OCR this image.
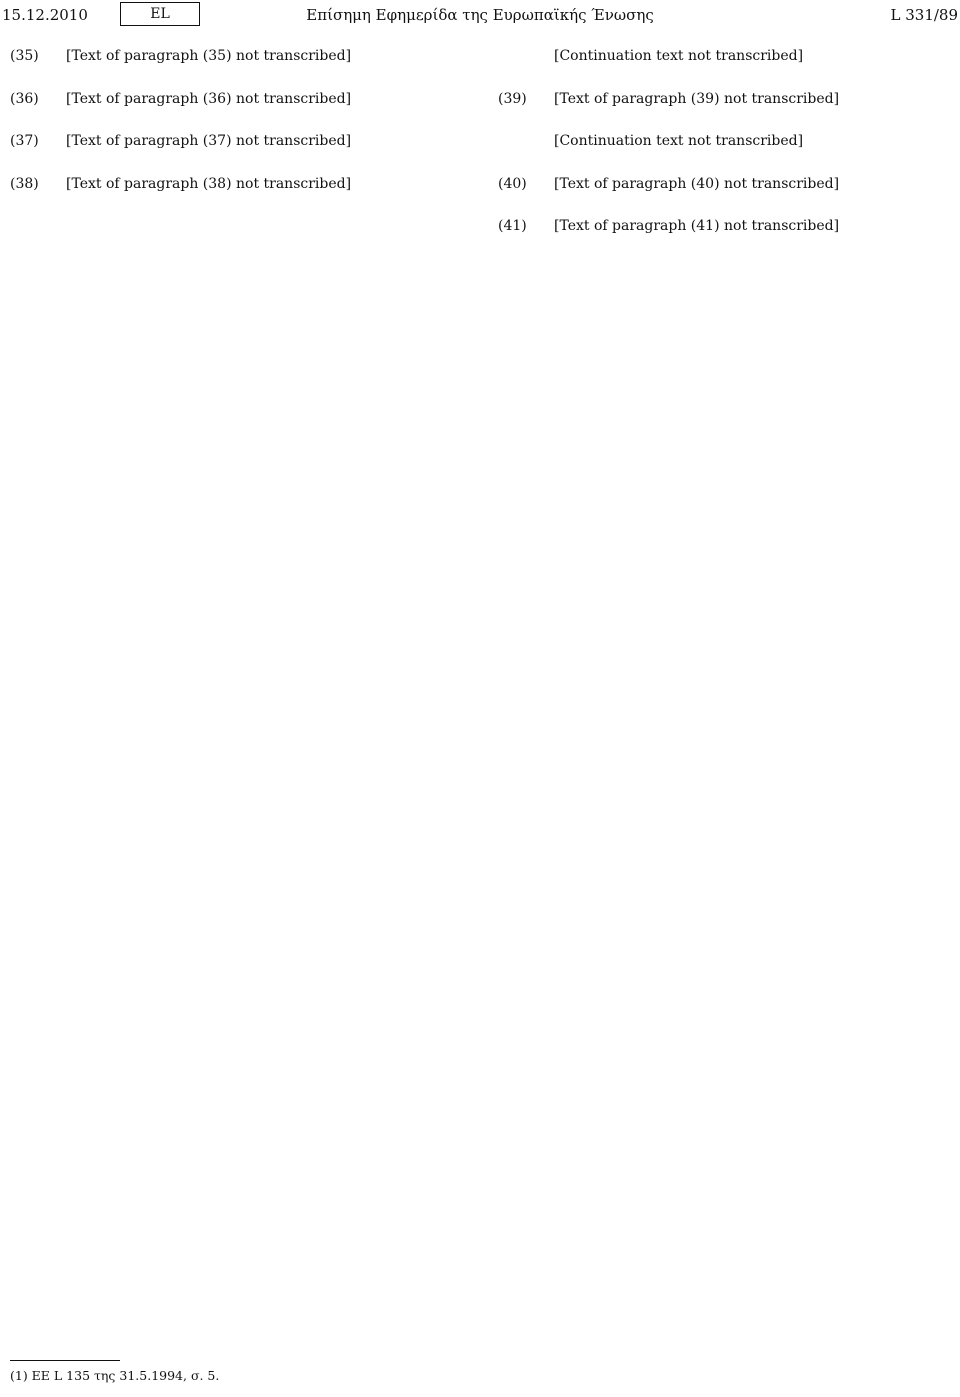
15.12.2010	EL	Επίσημη Εφημερίδα της Ευρωπαϊκής Ένωσης	L 331/89
(35)	[Text of paragraph (35) not transcribed]
(36)	[Text of paragraph (36) not transcribed]
(37)	[Text of paragraph (37) not transcribed]
(38)	[Text of paragraph (38) not transcribed]
[Continuation text not transcribed]
(39)	[Text of paragraph (39) not transcribed]
[Continuation text not transcribed]
(40)	[Text of paragraph (40) not transcribed]
(41)	[Text of paragraph (41) not transcribed]
(1) ΕΕ L 135 της 31.5.1994, σ. 5.
